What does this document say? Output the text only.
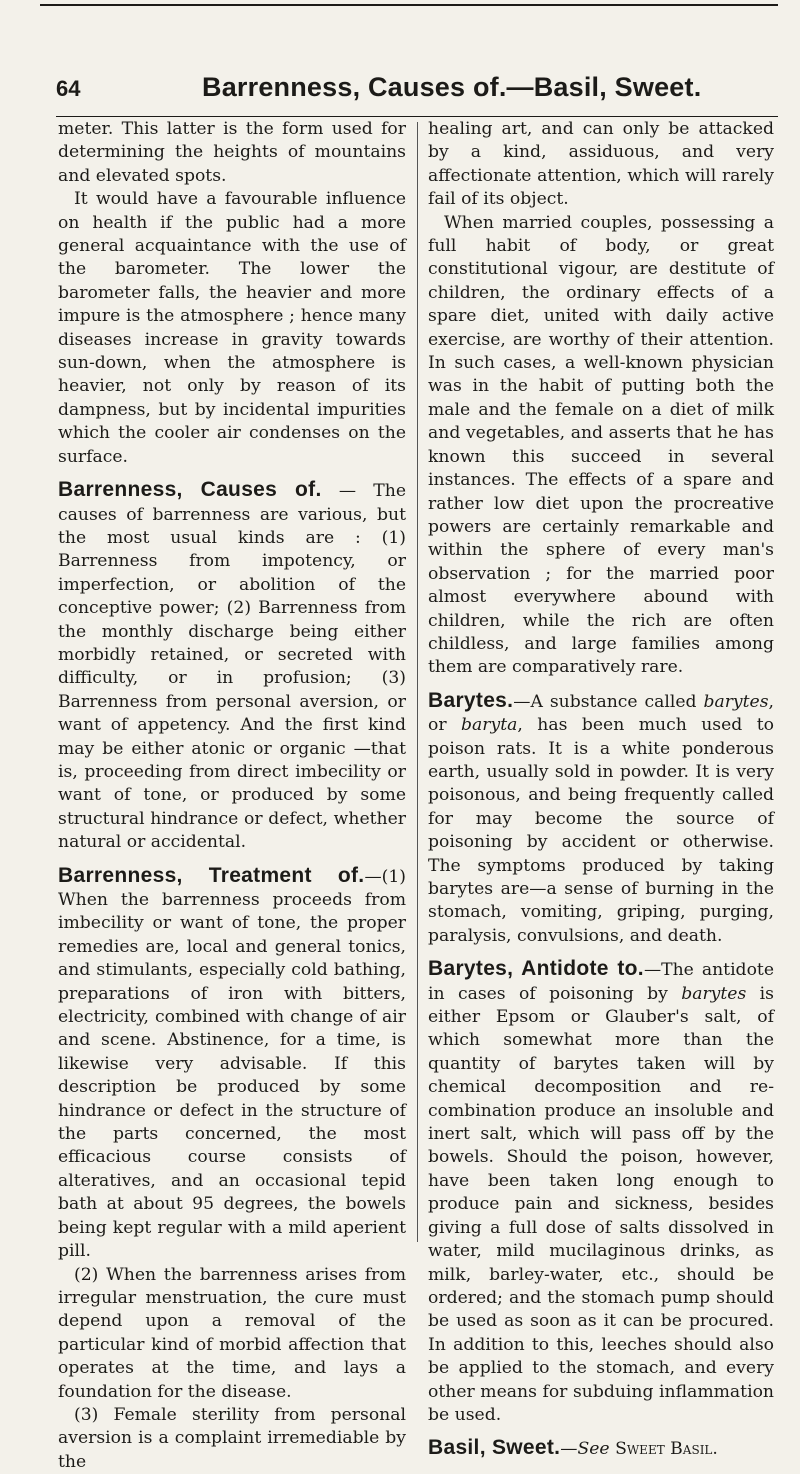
64	Barrenness, Causes of.—Basil, Sweet.

meter. This latter is the form used for determining the heights of mountains and elevated spots.

It would have a favourable influence on health if the public had a more general acquaintance with the use of the barometer. The lower the barometer falls, the heavier and more impure is the atmosphere ; hence many diseases increase in gravity towards sun-down, when the atmosphere is heavier, not only by reason of its dampness, but by incidental impurities which the cooler air condenses on the surface.

Barrenness, Causes of. — The causes of barrenness are various, but the most usual kinds are : (1) Barrenness from impotency, or imperfection, or abolition of the conceptive power; (2) Barrenness from the monthly discharge being either morbidly retained, or secreted with difficulty, or in profusion; (3) Barrenness from personal aversion, or want of appetency. And the first kind may be either atonic or organic —that is, proceeding from direct imbecility or want of tone, or produced by some structural hindrance or defect, whether natural or accidental.

Barrenness, Treatment of.—(1) When the barrenness proceeds from imbecility or want of tone, the proper remedies are, local and general tonics, and stimulants, especially cold bathing, preparations of iron with bitters, electricity, combined with change of air and scene. Abstinence, for a time, is likewise very advisable. If this description be produced by some hindrance or defect in the structure of the parts concerned, the most efficacious course consists of alteratives, and an occasional tepid bath at about 95 degrees, the bowels being kept regular with a mild aperient pill.

(2) When the barrenness arises from irregular menstruation, the cure must depend upon a removal of the particular kind of morbid affection that operates at the time, and lays a foundation for the disease.

(3) Female sterility from personal aversion is a complaint irremediable by the

healing art, and can only be attacked by a kind, assiduous, and very affectionate attention, which will rarely fail of its object.

When married couples, possessing a full habit of body, or great constitutional vigour, are destitute of children, the ordinary effects of a spare diet, united with daily active exercise, are worthy of their attention. In such cases, a well-known physician was in the habit of putting both the male and the female on a diet of milk and vegetables, and asserts that he has known this succeed in several instances. The effects of a spare and rather low diet upon the procreative powers are certainly remarkable and within the sphere of every man's observation ; for the married poor almost everywhere abound with children, while the rich are often childless, and large families among them are comparatively rare.

Barytes.—A substance called barytes, or baryta, has been much used to poison rats. It is a white ponderous earth, usually sold in powder. It is very poisonous, and being frequently called for may become the source of poisoning by accident or otherwise. The symptoms produced by taking barytes are—a sense of burning in the stomach, vomiting, griping, purging, paralysis, convulsions, and death.

Barytes, Antidote to.—The antidote in cases of poisoning by barytes is either Epsom or Glauber's salt, of which somewhat more than the quantity of barytes taken will by chemical decomposition and re-combination produce an insoluble and inert salt, which will pass off by the bowels. Should the poison, however, have been taken long enough to produce pain and sickness, besides giving a full dose of salts dissolved in water, mild mucilaginous drinks, as milk, barley-water, etc., should be ordered; and the stomach pump should be used as soon as it can be procured. In addition to this, leeches should also be applied to the stomach, and every other means for subduing inflammation be used.

Basil, Sweet.—See Sweet Basil.
